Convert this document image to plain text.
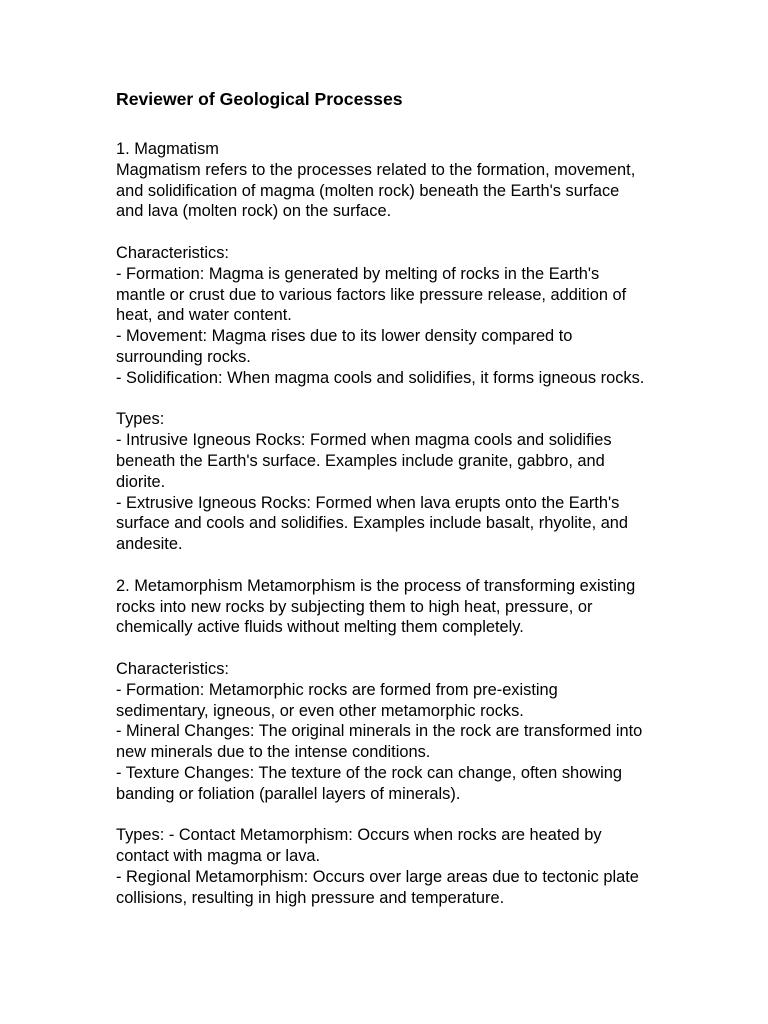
Reviewer of Geological Processes
1. Magmatism
Magmatism refers to the processes related to the formation, movement,
and solidification of magma (molten rock) beneath the Earth's surface
and lava (molten rock) on the surface.
Characteristics:
- Formation: Magma is generated by melting of rocks in the Earth's
mantle or crust due to various factors like pressure release, addition of
heat, and water content.
- Movement: Magma rises due to its lower density compared to
surrounding rocks.
- Solidification: When magma cools and solidifies, it forms igneous rocks.
Types:
- Intrusive Igneous Rocks: Formed when magma cools and solidifies
beneath the Earth's surface. Examples include granite, gabbro, and
diorite.
- Extrusive Igneous Rocks: Formed when lava erupts onto the Earth's
surface and cools and solidifies. Examples include basalt, rhyolite, and
andesite.
2. Metamorphism Metamorphism is the process of transforming existing
rocks into new rocks by subjecting them to high heat, pressure, or
chemically active fluids without melting them completely.
Characteristics:
- Formation: Metamorphic rocks are formed from pre-existing
sedimentary, igneous, or even other metamorphic rocks.
- Mineral Changes: The original minerals in the rock are transformed into
new minerals due to the intense conditions.
- Texture Changes: The texture of the rock can change, often showing
banding or foliation (parallel layers of minerals).
Types: - Contact Metamorphism: Occurs when rocks are heated by
contact with magma or lava.
- Regional Metamorphism: Occurs over large areas due to tectonic plate
collisions, resulting in high pressure and temperature.
